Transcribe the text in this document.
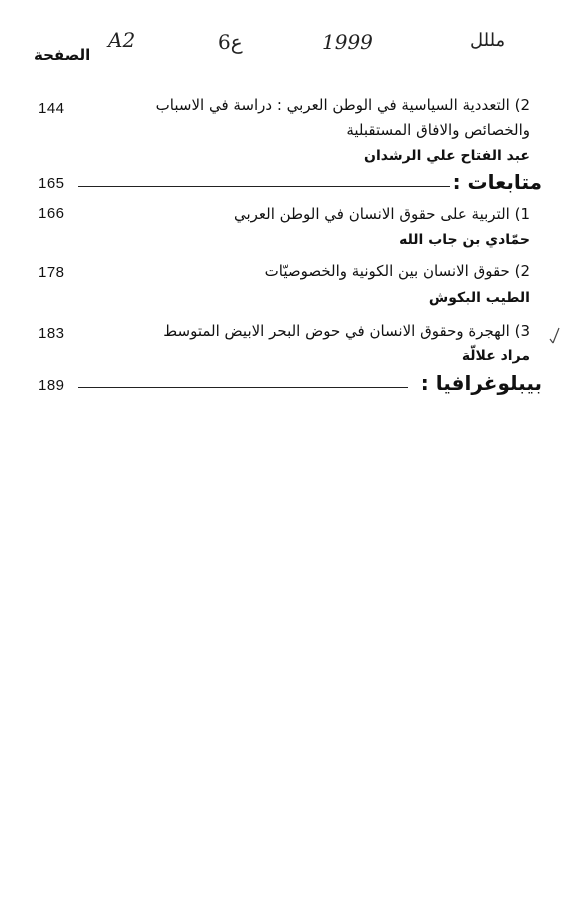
A2	6ع	1999	ﻣﻠﻠﻞ
الصفحة
144	2) التعددية السياسية في الوطن العربي : دراسة في الاسباب
والخصائص والافاق المستقبلية
عبد الفتاح علي الرشدان
165	متابعات :
166	1) التربية على حقوق الانسان في الوطن العربي
حمّادي بن جاب الله
178	2) حقوق الانسان بين الكونية والخصوصيّات
الطيب البكوش
183	3) الهجرة وحقوق الانسان في حوض البحر الابيض المتوسط
مراد علالّة
189	بيبلوغرافيا :
